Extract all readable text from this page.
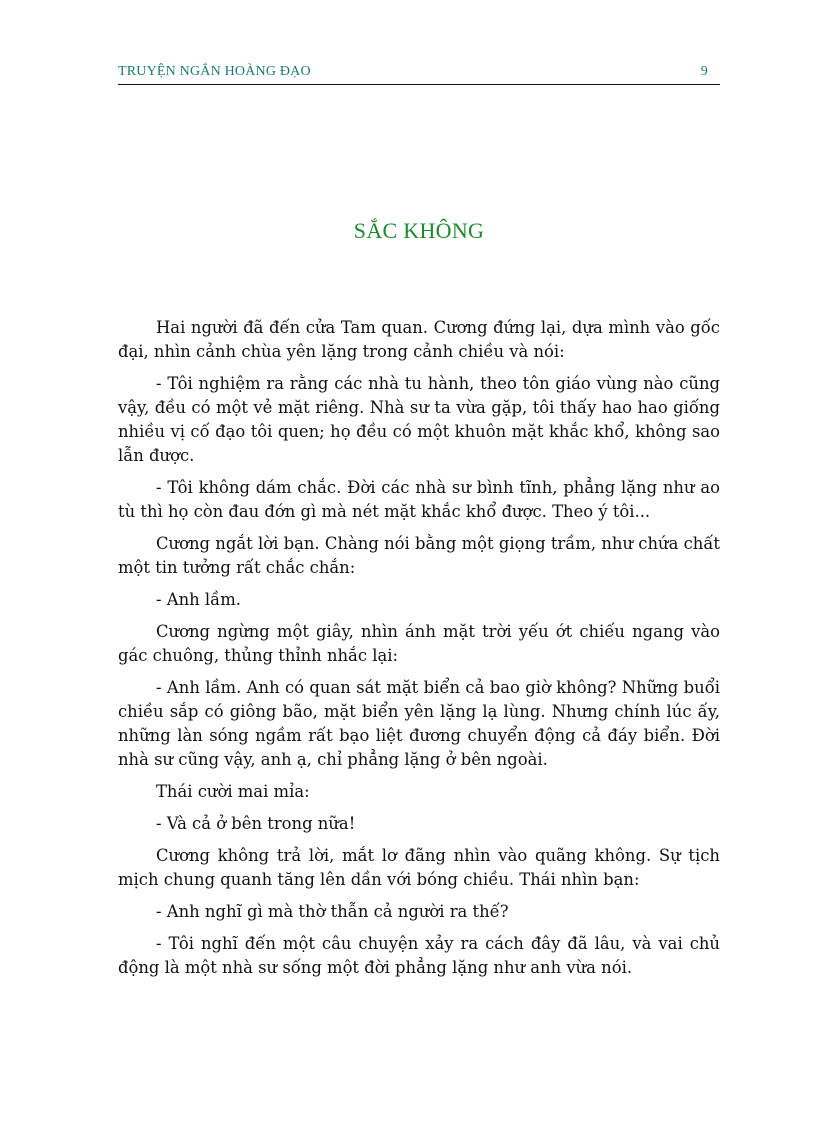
TRUYỆN NGẮN HOÀNG ĐẠO	9
SẮC KHÔNG

Hai người đã đến cửa Tam quan. Cương đứng lại, dựa mình vào gốc đại, nhìn cảnh chùa yên lặng trong cảnh chiều và nói:

- Tôi nghiệm ra rằng các nhà tu hành, theo tôn giáo vùng nào cũng vậy, đều có một vẻ mặt riêng. Nhà sư ta vừa gặp, tôi thấy hao hao giống nhiều vị cố đạo tôi quen; họ đều có một khuôn mặt khắc khổ, không sao lẫn được.

- Tôi không dám chắc. Đời các nhà sư bình tĩnh, phẳng lặng như ao tù thì họ còn đau đớn gì mà nét mặt khắc khổ được. Theo ý tôi...

Cương ngắt lời bạn. Chàng nói bằng một giọng trầm, như chứa chất một tin tưởng rất chắc chắn:

- Anh lầm.

Cương ngừng một giây, nhìn ánh mặt trời yếu ớt chiếu ngang vào gác chuông, thủng thỉnh nhắc lại:

- Anh lầm. Anh có quan sát mặt biển cả bao giờ không? Những buổi chiều sắp có giông bão, mặt biển yên lặng lạ lùng. Nhưng chính lúc ấy, những làn sóng ngầm rất bạo liệt đương chuyển động cả đáy biển. Đời nhà sư cũng vậy, anh ạ, chỉ phẳng lặng ở bên ngoài.

Thái cười mai mỉa:

- Và cả ở bên trong nữa!

Cương không trả lời, mắt lơ đãng nhìn vào quãng không. Sự tịch mịch chung quanh tăng lên dần với bóng chiều. Thái nhìn bạn:

- Anh nghĩ gì mà thờ thẫn cả người ra thế?

- Tôi nghĩ đến một câu chuyện xảy ra cách đây đã lâu, và vai chủ động là một nhà sư sống một đời phẳng lặng như anh vừa nói.
